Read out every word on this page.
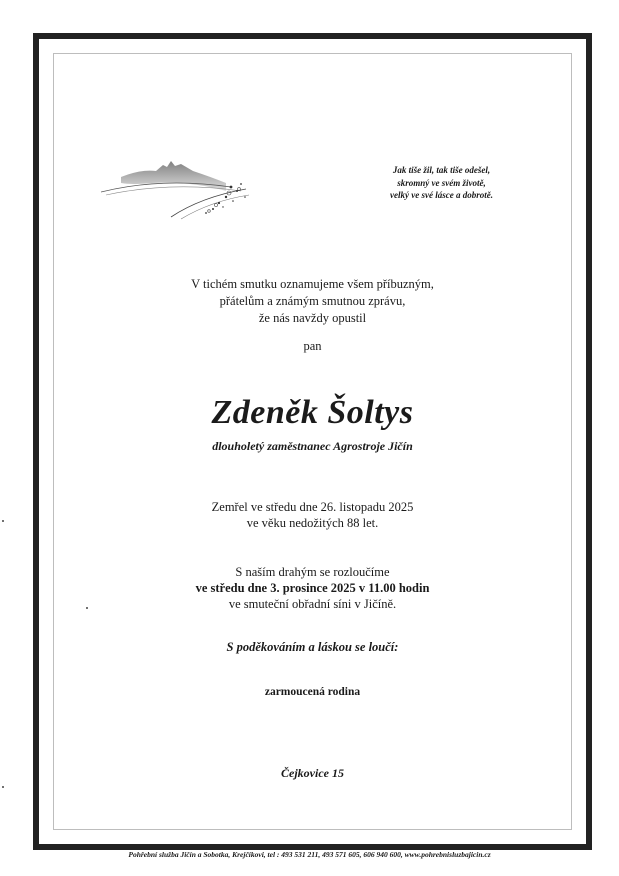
Jak tiše žil, tak tiše odešel,
skromný ve svém životě,
velký ve své lásce a dobrotě.
V tichém smutku oznamujeme všem příbuzným,
přátelům a známým smutnou zprávu,
že nás navždy opustil
pan
Zdeněk Šoltys
dlouholetý zaměstnanec Agrostroje Jičín
Zemřel ve středu dne 26. listopadu 2025
ve věku nedožitých 88 let.
S naším drahým se rozloučíme
ve středu dne 3. prosince 2025 v 11.00 hodin
ve smuteční obřadní síni v Jičíně.
S poděkováním a láskou se loučí:
zarmoucená rodina
Čejkovice 15
Pohřební služba Jičín a Sobotka, Krejčíkovi, tel : 493 531 211, 493 571 605, 606 940 600, www.pohrebnisluzbajicin.cz
